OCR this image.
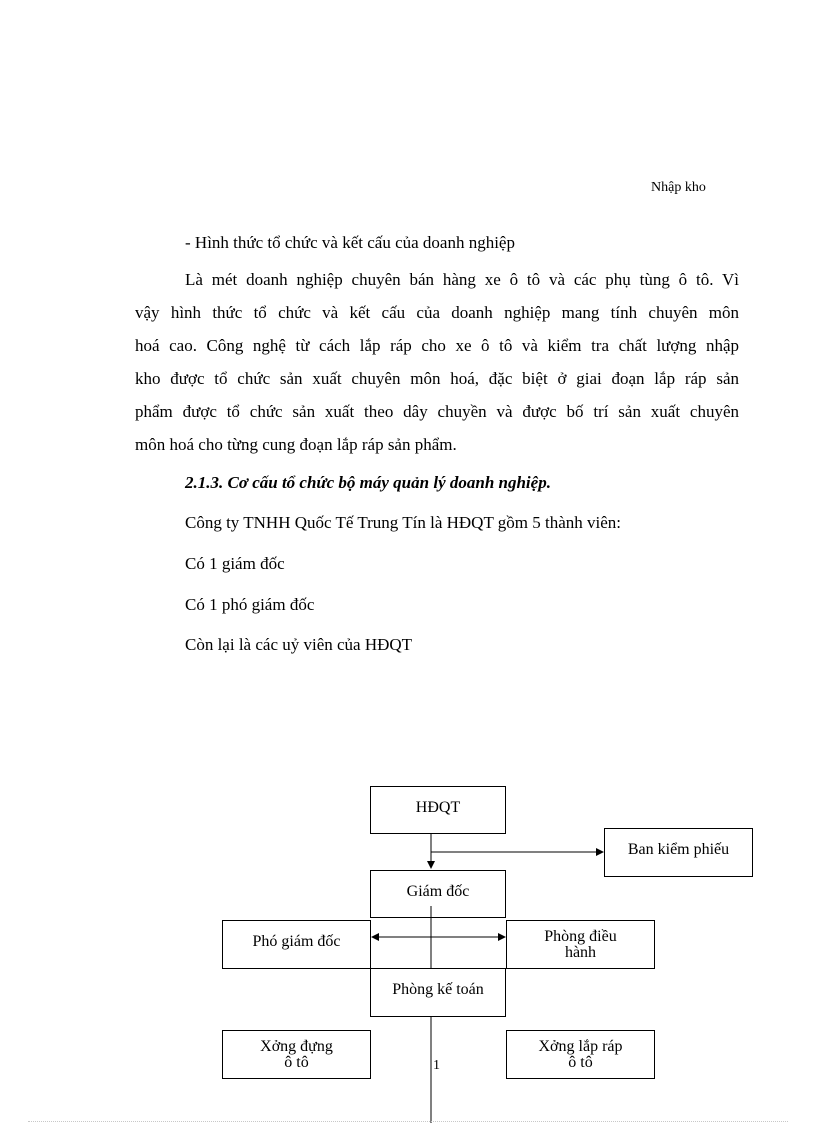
Nhập kho
- Hình thức tổ chức và kết cấu của doanh nghiệp
Là mét doanh nghiệp chuyên bán hàng xe ô tô và các phụ tùng ô tô. Vì
vậy hình thức tổ chức và kết cấu của doanh nghiệp mang tính chuyên môn
hoá cao. Công nghệ từ cách lắp ráp cho xe ô tô và kiểm tra chất lượng nhập
kho được tổ chức sản xuất chuyên môn hoá, đặc biệt ở giai đoạn lắp ráp sản
phẩm được tổ chức sản xuất theo dây chuyền và được bố trí sản xuất chuyên
môn hoá cho từng cung đoạn lắp ráp sản phẩm.
2.1.3. Cơ cấu tổ chức bộ máy quản lý doanh nghiệp.
Công ty TNHH Quốc Tế Trung Tín là HĐQT gồm 5 thành viên:
Có 1 giám đốc
Có 1 phó giám đốc
Còn lại là các uỷ viên của HĐQT
HĐQT
Ban kiểm phiếu
Giám đốc
Phó giám đốc	Phòng điều
hành
Phòng kế toán
Xởng đựng
ô tô
Xởng lắp ráp
ô tô
1
